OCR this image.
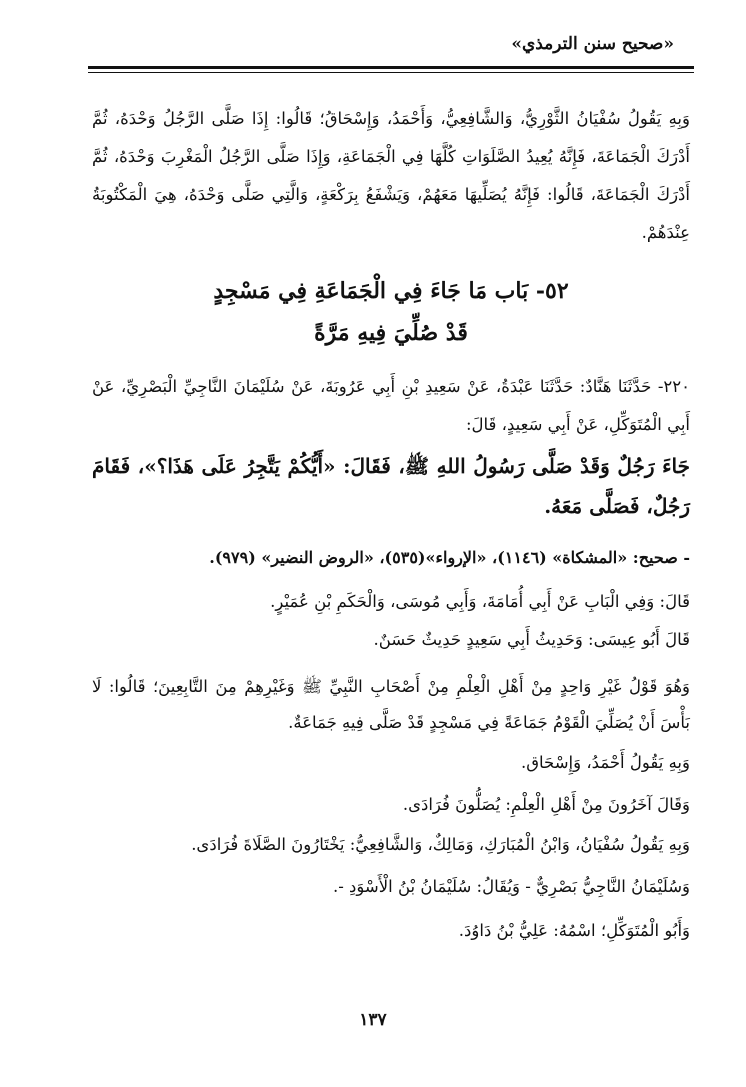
«صحيح سنن الترمذي»
وَبِهِ يَقُولُ سُفْيَانُ الثَّوْرِيُّ، وَالشَّافِعِيُّ، وَأَحْمَدُ، وَإِسْحَاقُ؛ قَالُوا: إِذَا صَلَّى الرَّجُلُ وَحْدَهُ، ثُمَّ أَدْرَكَ الْجَمَاعَةَ، فَإِنَّهُ يُعِيدُ الصَّلَوَاتِ كُلَّهَا فِي الْجَمَاعَةِ، وَإِذَا صَلَّى الرَّجُلُ الْمَغْرِبَ وَحْدَهُ، ثُمَّ أَدْرَكَ الْجَمَاعَةَ، قَالُوا: فَإِنَّهُ يُصَلِّيهَا مَعَهُمْ، وَيَشْفَعُ بِرَكْعَةٍ، وَالَّتِي صَلَّى وَحْدَهُ، هِيَ الْمَكْتُوبَةُ عِنْدَهُمْ.
٥٢- بَاب مَا جَاءَ فِي الْجَمَاعَةِ فِي مَسْجِدٍ
قَدْ صُلِّيَ فِيهِ مَرَّةً
٢٢٠- حَدَّثَنَا هَنَّادٌ: حَدَّثَنَا عَبْدَةُ، عَنْ سَعِيدِ بْنِ أَبِي عَرُوبَةَ، عَنْ سُلَيْمَانَ النَّاجِيِّ الْبَصْرِيِّ، عَنْ أَبِي الْمُتَوَكِّلِ، عَنْ أَبِي سَعِيدٍ، قَالَ:
جَاءَ رَجُلٌ وَقَدْ صَلَّى رَسُولُ اللهِ ﷺ، فَقَالَ: «أَيُّكُمْ يَتَّجِرُ عَلَى هَذَا؟»، فَقَامَ رَجُلٌ، فَصَلَّى مَعَهُ.
- صحيح: «المشكاة» (١١٤٦)، «الإرواء»(٥٣٥)، «الروض النضير» (٩٧٩).
قَالَ: وَفِي الْبَابِ عَنْ أَبِي أُمَامَةَ، وَأَبِي مُوسَى، وَالْحَكَمِ بْنِ عُمَيْرٍ.
قَالَ أَبُو عِيسَى: وَحَدِيثُ أَبِي سَعِيدٍ حَدِيثٌ حَسَنٌ.
وَهُوَ قَوْلُ غَيْرِ وَاحِدٍ مِنْ أَهْلِ الْعِلْمِ مِنْ أَصْحَابِ النَّبِيِّ ﷺ وَغَيْرِهِمْ مِنَ التَّابِعِينَ؛ قَالُوا: لَا بَأْسَ أَنْ يُصَلِّيَ الْقَوْمُ جَمَاعَةً فِي مَسْجِدٍ قَدْ صَلَّى فِيهِ جَمَاعَةٌ.
وَبِهِ يَقُولُ أَحْمَدُ، وَإِسْحَاق.
وَقَالَ آخَرُونَ مِنْ أَهْلِ الْعِلْمِ: يُصَلُّونَ فُرَادَى.
وَبِهِ يَقُولُ سُفْيَانُ، وَابْنُ الْمُبَارَكِ، وَمَالِكٌ، وَالشَّافِعِيُّ: يَخْتَارُونَ الصَّلَاةَ فُرَادَى.
وَسُلَيْمَانُ النَّاجِيُّ بَصْرِيٌّ - وَيُقَالُ: سُلَيْمَانُ بْنُ الْأَسْوَدِ -.
وَأَبُو الْمُتَوَكِّلِ؛ اسْمُهُ: عَلِيُّ بْنُ دَاوُدَ.
١٣٧
